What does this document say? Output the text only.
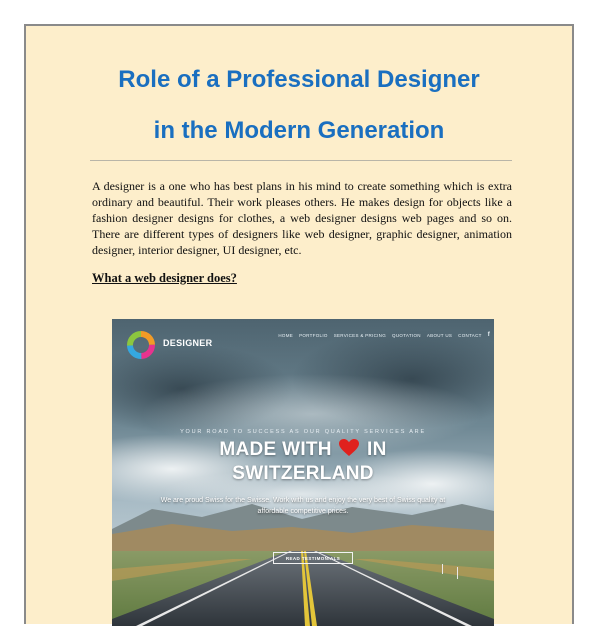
Role of a Professional Designer
in the Modern Generation

A designer is a one who has best plans in his mind to create something which is extra ordinary and beautiful. Their work pleases others. He makes design for objects like a fashion designer designs for clothes, a web designer designs web pages and so on. There are different types of designers like web designer, graphic designer, animation designer, interior designer, UI designer, etc.

What a web designer does?

DESIGNER
HOME PORTFOLIO SERVICES & PRICING QUOTATION ABOUT US CONTACT f
YOUR ROAD TO SUCCESS AS OUR QUALITY SERVICES ARE
MADE WITH IN
SWITZERLAND
We are proud Swiss for the Swisse. Work with us and enjoy the very best of Swiss quality at affordable competitive prices.
READ TESTIMONIALS
